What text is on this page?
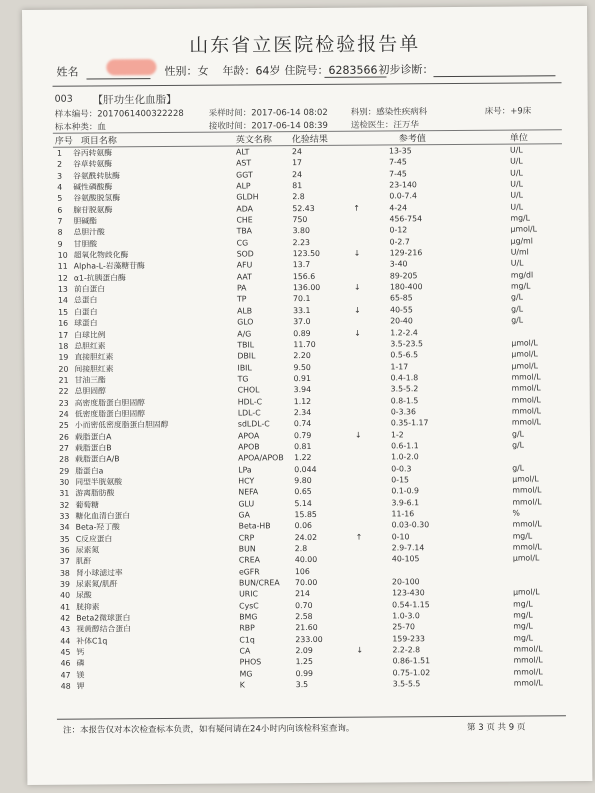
山东省立医院检验报告单
姓名	性别：女 年龄：64岁 住院号：6283566 初步诊断：
003 【肝功生化血脂】
样本编号：2017061400322228
标本种类：血
采样时间：2017-06-14 08:02
接收时间：2017-06-14 08:39
科别：感染性疾病科
送检医生：汪万华
床号：+9床
序号 项目名称	英文名称 化验结果	参考值	单位
1	谷丙转氨酶	ALT	24	13-35	U/L
2	谷草转氨酶	AST	17	7-45	U/L
3	谷氨酰转肽酶	GGT	24	7-45	U/L
4	碱性磷酸酶	ALP	81	23-140	U/L
5	谷氨酸脱氢酶	GLDH	2.8	0.0-7.4	U/L
6	腺苷脱氨酶	ADA	52.43	↑	4-24	U/L
7	胆碱酯	CHE	750	456-754	mg/L
8	总胆汁酸	TBA	3.80	0-12	μmol/L
9	甘胆酸	CG	2.23	0-2.7	μg/ml
10 超氧化物歧化酶	SOD	123.50	↓	129-216	U/ml
11 Alpha-L-岩藻糖苷酶	AFU	13.7	3-40	U/L
12 α1-抗胰蛋白酶	AAT	156.6	89-205	mg/dl
13 前白蛋白	PA	136.00	↓	180-400	mg/L
14 总蛋白	TP	70.1	65-85	g/L
15 白蛋白	ALB	33.1	↓	40-55	g/L
16 球蛋白	GLO	37.0	20-40	g/L
17 白球比例	A/G	0.89	↓	1.2-2.4
18 总胆红素	TBIL	11.70	3.5-23.5	μmol/L
19 直接胆红素	DBIL	2.20	0.5-6.5	μmol/L
20 间接胆红素	IBIL	9.50	1-17	μmol/L
21 甘油三酯	TG	0.91	0.4-1.8	mmol/L
22 总胆固醇	CHOL	3.94	3.5-5.2	mmol/L
23 高密度脂蛋白胆固醇	HDL-C	1.12	0.8-1.5	mmol/L
24 低密度脂蛋白胆固醇	LDL-C	2.34	0-3.36	mmol/L
25 小而密低密度脂蛋白胆固醇	sdLDL-C	0.74	0.35-1.17	mmol/L
26 载脂蛋白A	APOA	0.79	↓	1-2	g/L
27 载脂蛋白B	APOB	0.81	0.6-1.1	g/L
28 载脂蛋白A/B	APOA/APOB 1.22	1.0-2.0
29 脂蛋白a	LPa	0.044	0-0.3	g/L
30 同型半胱氨酸	HCY	9.80	0-15	μmol/L
31 游离脂肪酸	NEFA	0.65	0.1-0.9	mmol/L
32 葡萄糖	GLU	5.14	3.9-6.1	mmol/L
33 糖化血清白蛋白	GA	15.85	11-16	%
34 Beta-羟丁酸	Beta-HB	0.06	0.03-0.30	mmol/L
35 C反应蛋白	CRP	24.02	↑	0-10	mg/L
36 尿素氮	BUN	2.8	2.9-7.14	mmol/L
37 肌酐	CREA	40.00	40-105	μmol/L
38 肾小球滤过率	eGFR	106
39 尿素氮/肌酐	BUN/CREA 70.00	20-100
40 尿酸	URIC	214	123-430	μmol/L
41 胱抑素	CysC	0.70	0.54-1.15	mg/L
42 Beta2微球蛋白	BMG	2.58	1.0-3.0	mg/L
43 视黄醇结合蛋白	RBP	21.60	25-70	mg/L
44 补体C1q	C1q	233.00	159-233	mg/L
45 钙	CA	2.09	↓	2.2-2.8	mmol/L
46 磷	PHOS	1.25	0.86-1.51	mmol/L
47 镁	MG	0.99	0.75-1.02	mmol/L
48 钾	K	3.5	3.5-5.5	mmol/L
注：本报告仅对本次检查标本负责，如有疑问请在24小时内向该检科室查询。	第 3 页 共 9 页
